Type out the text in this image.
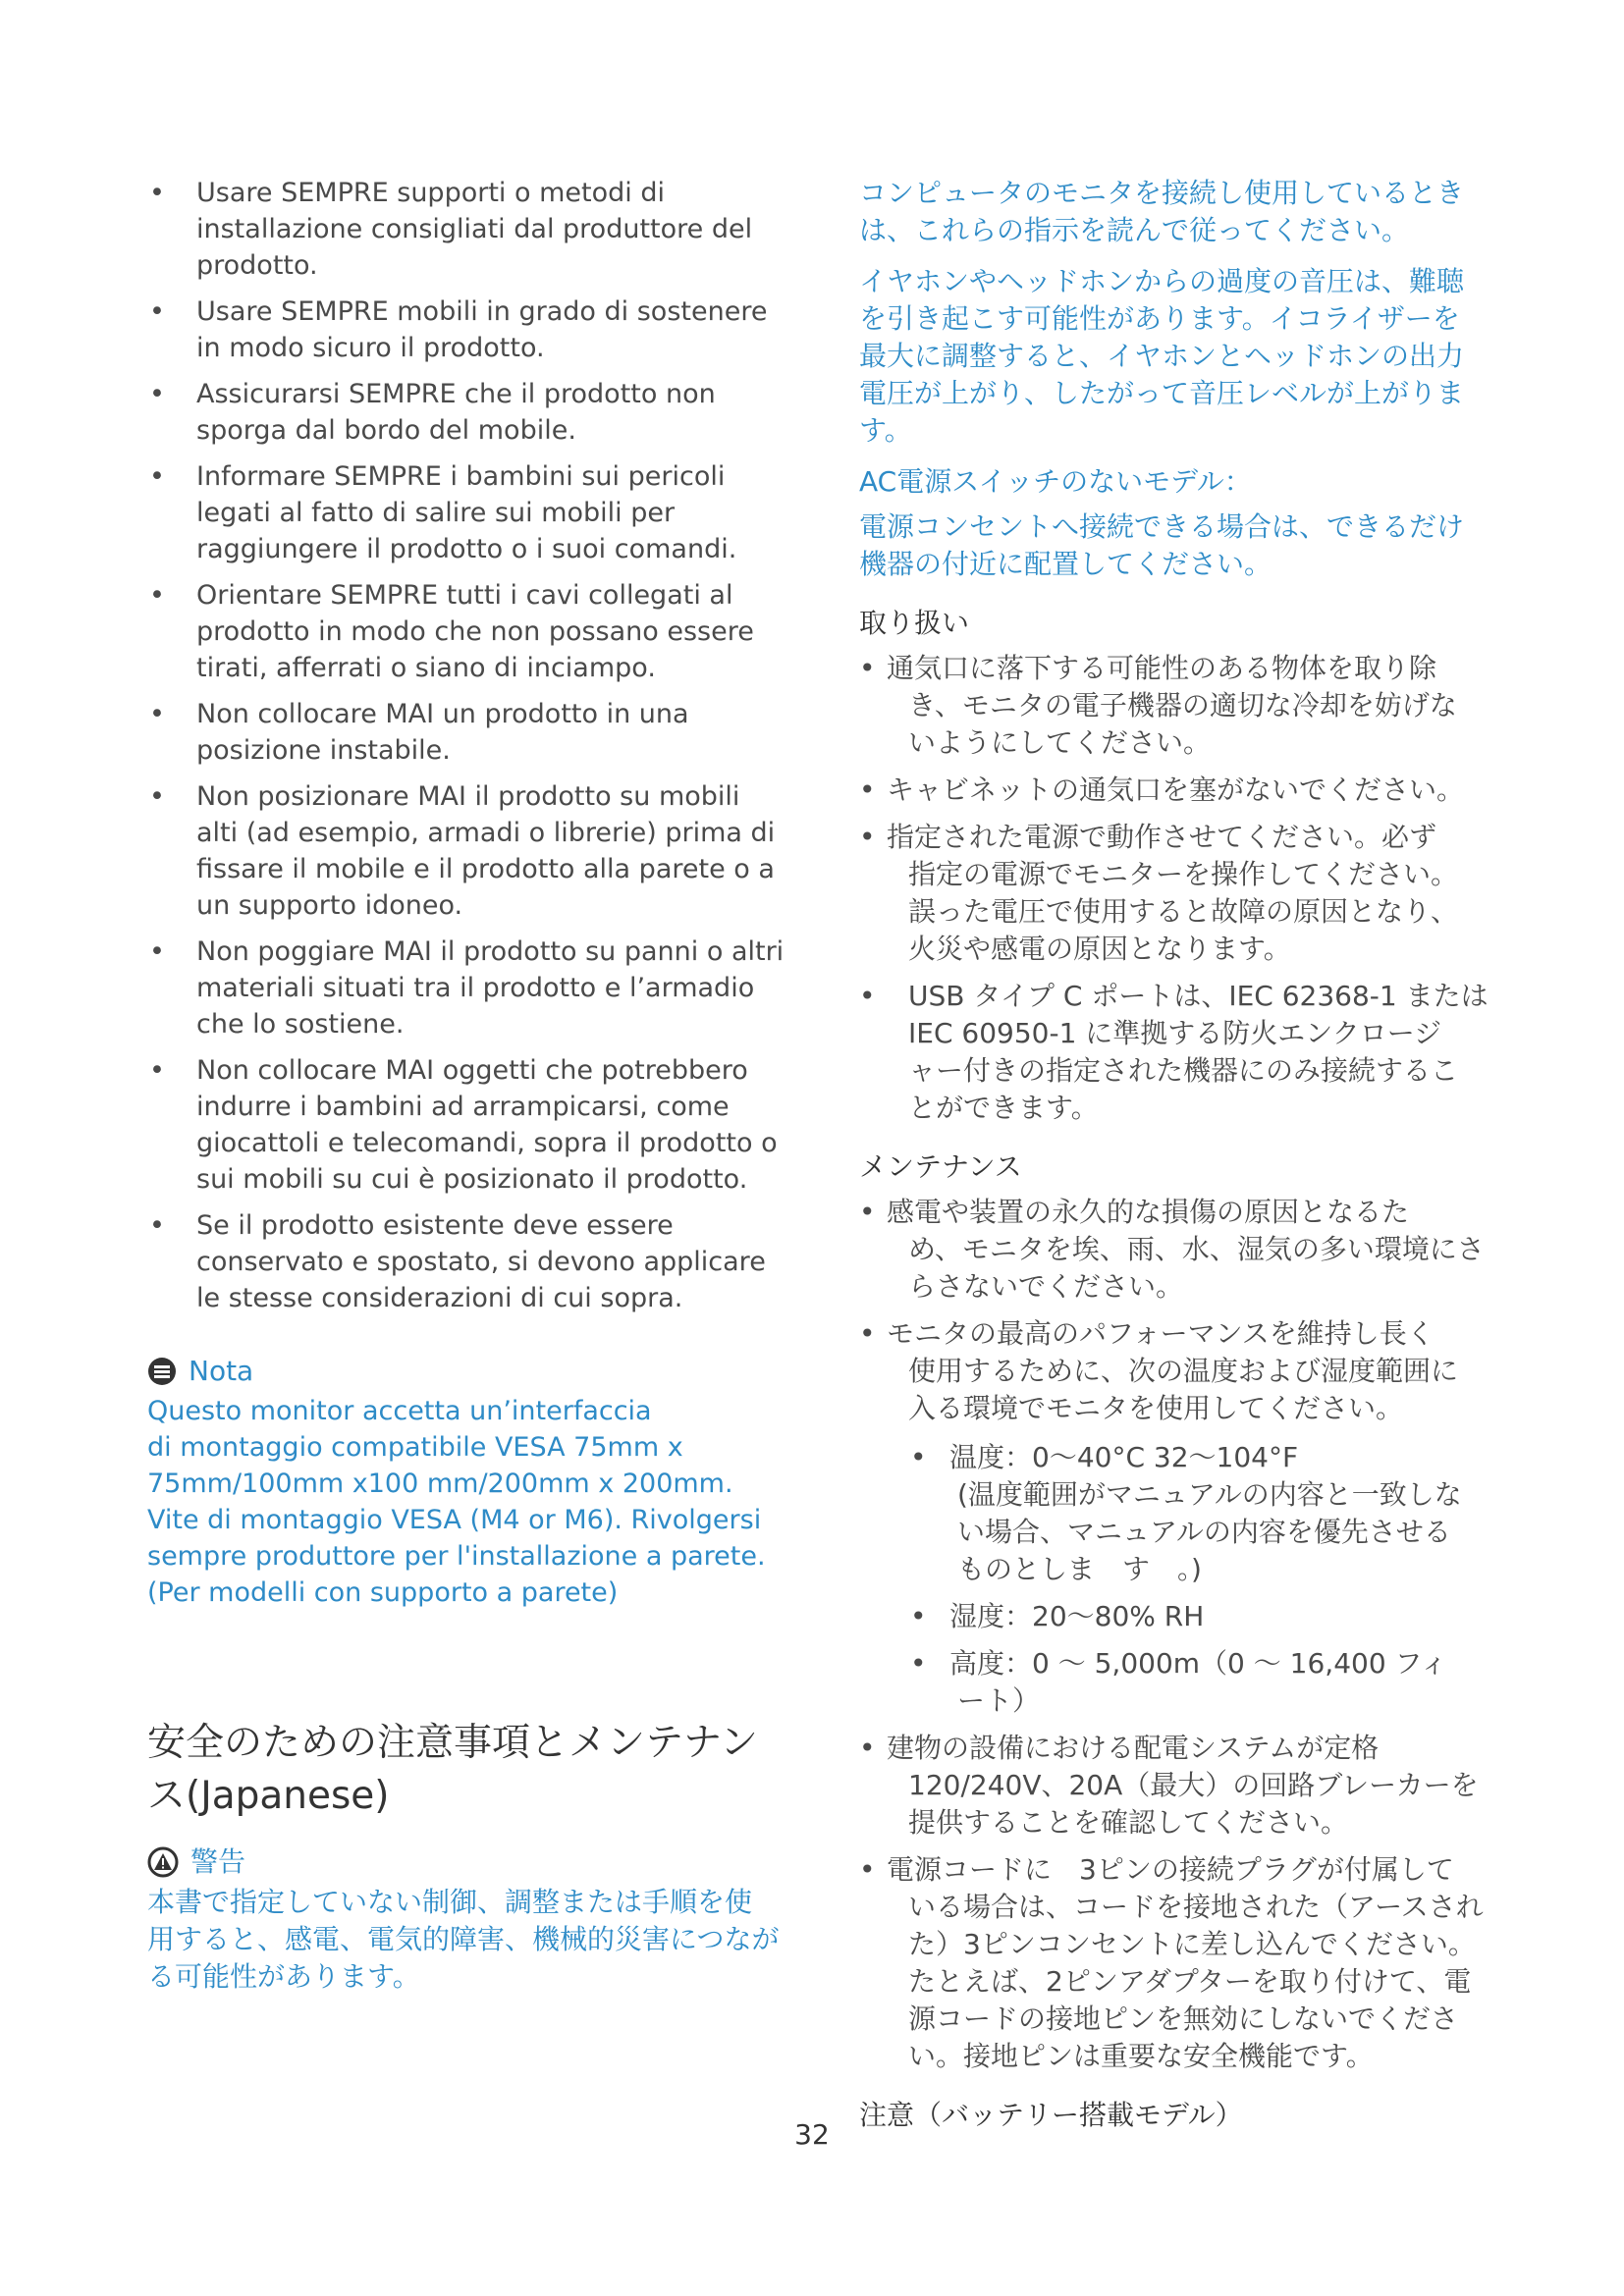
• Usare SEMPRE supporti o metodi di installazione consigliati dal produttore del prodotto.
• Usare SEMPRE mobili in grado di sostenere in modo sicuro il prodotto.
• Assicurarsi SEMPRE che il prodotto non sporga dal bordo del mobile.
• Informare SEMPRE i bambini sui pericoli legati al fatto di salire sui mobili per raggiungere il prodotto o i suoi comandi.
• Orientare SEMPRE tutti i cavi collegati al prodotto in modo che non possano essere tirati, afferrati o siano di inciampo.
• Non collocare MAI un prodotto in una posizione instabile.
• Non posizionare MAI il prodotto su mobili alti (ad esempio, armadi o librerie) prima di fissare il mobile e il prodotto alla parete o a un supporto idoneo.
• Non poggiare MAI il prodotto su panni o altri materiali situati tra il prodotto e l’armadio che lo sostiene.
• Non collocare MAI oggetti che potrebbero indurre i bambini ad arrampicarsi, come giocattoli e telecomandi, sopra il prodotto o sui mobili su cui è posizionato il prodotto.
• Se il prodotto esistente deve essere conservato e spostato, si devono applicare le stesse considerazioni di cui sopra.
Nota
Questo monitor accetta un’interfaccia
di montaggio compatibile VESA 75mm x
75mm/100mm x100 mm/200mm x 200mm.
Vite di montaggio VESA (M4 or M6). Rivolgersi
sempre produttore per l'installazione a parete.
(Per modelli con supporto a parete)
安全のための注意事項とメンテナン
ス(Japanese)
警告
本書で指定していない制御、調整または手順を使
用すると、感電、電気的障害、機械的災害につなが
る可能性があります。
コンピュータのモニタを接続し使用しているとき
は、これらの指示を読んで従ってください。
イヤホンやヘッドホンからの過度の音圧は、難聴
を引き起こす可能性があります。イコライザーを
最大に調整すると、イヤホンとヘッドホンの出力
電圧が上がり、したがって音圧レベルが上がりま
す。
AC電源スイッチのないモデル：
電源コンセントへ接続できる場合は、できるだけ
機器の付近に配置してください。
取り扱い
• 通気口に落下する可能性のある物体を取り除
き、モニタの電子機器の適切な冷却を妨げな
いようにしてください。
• キャビネットの通気口を塞がないでください。
• 指定された電源で動作させてください。必ず
指定の電源でモニターを操作してください。
誤った電圧で使用すると故障の原因となり、
火災や感電の原因となります。
• USB タイプ C ポートは、IEC 62368-1 または
IEC 60950-1 に準拠する防火エンクロージ
ャー付きの指定された機器にのみ接続するこ
とができます。
メンテナンス
• 感電や装置の永久的な損傷の原因となるた
め、モニタを埃、雨、水、湿気の多い環境にさ
らさないでください。
• モニタの最高のパフォーマンスを維持し長く
使用するために、次の温度および湿度範囲に
入る環境でモニタを使用してください。
• 温度：0～40°C 32～104°F
(温度範囲がマニュアルの内容と一致しな
い場合、マニュアルの内容を優先させる
ものとしま　す　。)
• 湿度：20～80% RH
• 高度：0 ～ 5,000m（0 ～ 16,400 フィ
ート）
• 建物の設備における配電システムが定格
120/240V、20A（最大）の回路ブレーカーを
提供することを確認してください。
• 電源コードに　3ピンの接続プラグが付属して
いる場合は、コードを接地された（アースされ
た）3ピンコンセントに差し込んでください。
たとえば、2ピンアダプターを取り付けて、電
源コードの接地ピンを無効にしないでくださ
い。接地ピンは重要な安全機能です。
注意（バッテリー搭載モデル）
32
